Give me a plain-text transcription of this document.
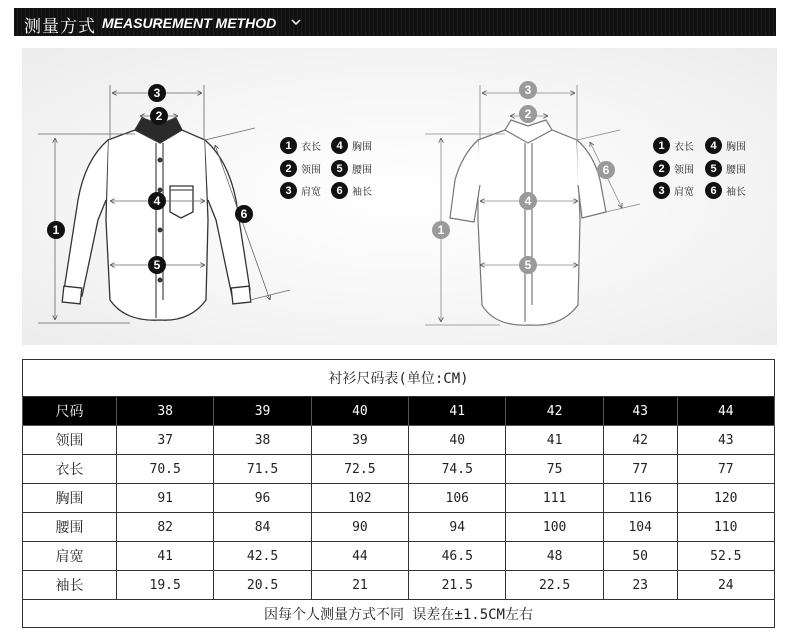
测量方式 MEASUREMENT METHOD
3
2
1
4
5
6
3
2
1
4
5
6
1 衣长	4 胸围
2 领围	5 腰围
3 肩宽	6 袖长
1 衣长	4 胸围
2 领围	5 腰围
3 肩宽	6 袖长
衬衫尺码表(单位:CM)							
尺码	38	39	40	41	42	43	44
领围	37	38	39	40	41	42	43
衣长	70.5	71.5	72.5	74.5	75	77	77
胸围	91	96	102	106	111	116	120
腰围	82	84	90	94	100	104	110
肩宽	41	42.5	44	46.5	48	50	52.5
袖长	19.5	20.5	21	21.5	22.5	23	24
因每个人测量方式不同 误差在±1.5CM左右							
